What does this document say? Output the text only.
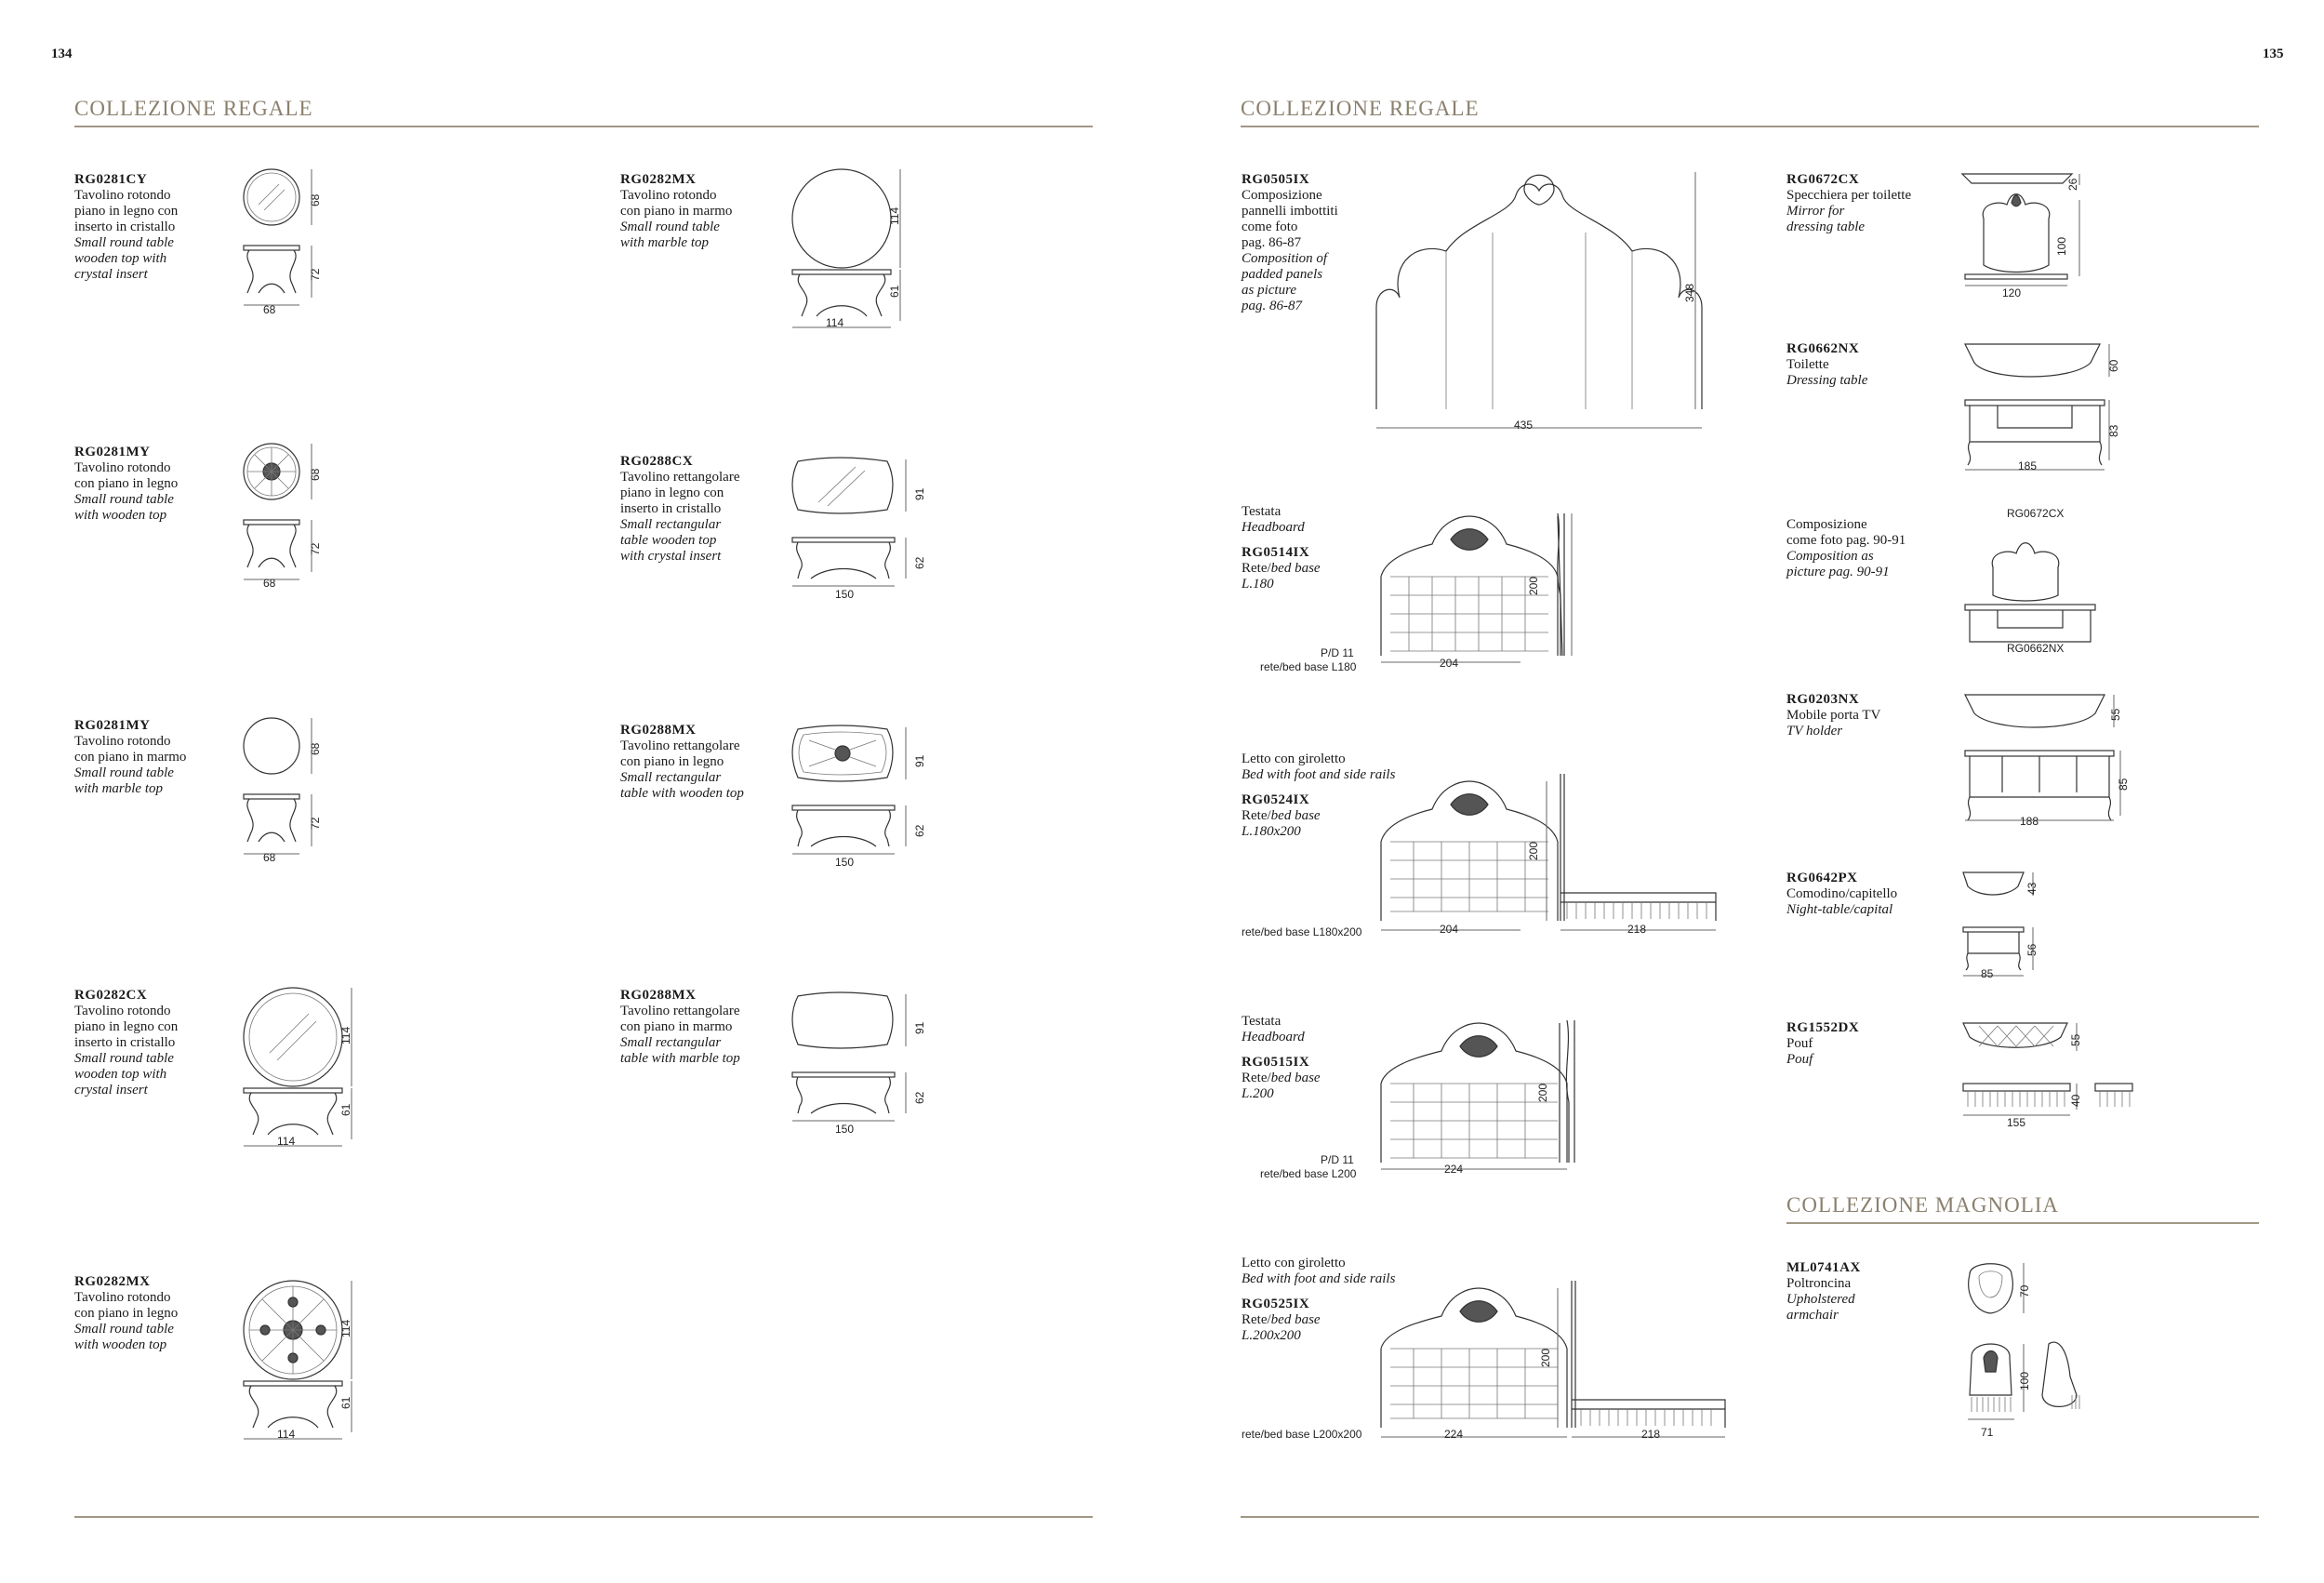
134	135
COLLEZIONE REGALE	COLLEZIONE REGALE
COLLEZIONE MAGNOLIA
RG0281CY
Tavolino rotondo
piano in legno con
inserto in cristallo
Small round table
wooden top with
crystal insert
RG0282MX
Tavolino rotondo
con piano in marmo
Small round table
with marble top
RG0281MY
Tavolino rotondo
con piano in legno
Small round table
with wooden top
RG0288CX
Tavolino rettangolare
piano in legno con
inserto in cristallo
Small rectangular
table wooden top
with crystal insert
RG0281MY
Tavolino rotondo
con piano in marmo
Small round table
with marble top
RG0288MX
Tavolino rettangolare
con piano in legno
Small rectangular
table with wooden top
RG0282CX
Tavolino rotondo
piano in legno con
inserto in cristallo
Small round table
wooden top with
crystal insert
RG0288MX
Tavolino rettangolare
con piano in marmo
Small rectangular
table with marble top
RG0282MX
Tavolino rotondo
con piano in legno
Small round table
with wooden top
68
72
68
114
61
114
68
72
68
91
62
150
68
72
68
91
62
150
114
61
114
91
62
150
114
61
114
RG0505IX
Composizione
pannelli imbottiti
come foto
pag. 86-87
Composition of
padded panels
as picture
pag. 86-87
435
348
Testata
Headboard
RG0514IX
Rete/bed base
L.180
P/D 11
rete/bed base L180
200
204
Letto con giroletto
Bed with foot and side rails
RG0524IX
Rete/bed base
L.180x200
rete/bed base L180x200
200
204	218
Testata
Headboard
RG0515IX
Rete/bed base
L.200
P/D 11
rete/bed base L200
200
224
Letto con giroletto
Bed with foot and side rails
RG0525IX
Rete/bed base
L.200x200
rete/bed base L200x200
200
224	218
RG0672CX
Specchiera per toilette
Mirror for
dressing table
26
100
120
RG0662NX
Toilette
Dressing table
60
83
185
Composizione
come foto pag. 90-91
Composition as
picture pag. 90-91
RG0672CX
RG0662NX
RG0203NX
Mobile porta TV
TV holder
55
85
188
RG0642PX
Comodino/capitello
Night-table/capital
43
56
85
RG1552DX
Pouf
Pouf
55
40
155
ML0741AX
Poltroncina
Upholstered
armchair
70
100
71
